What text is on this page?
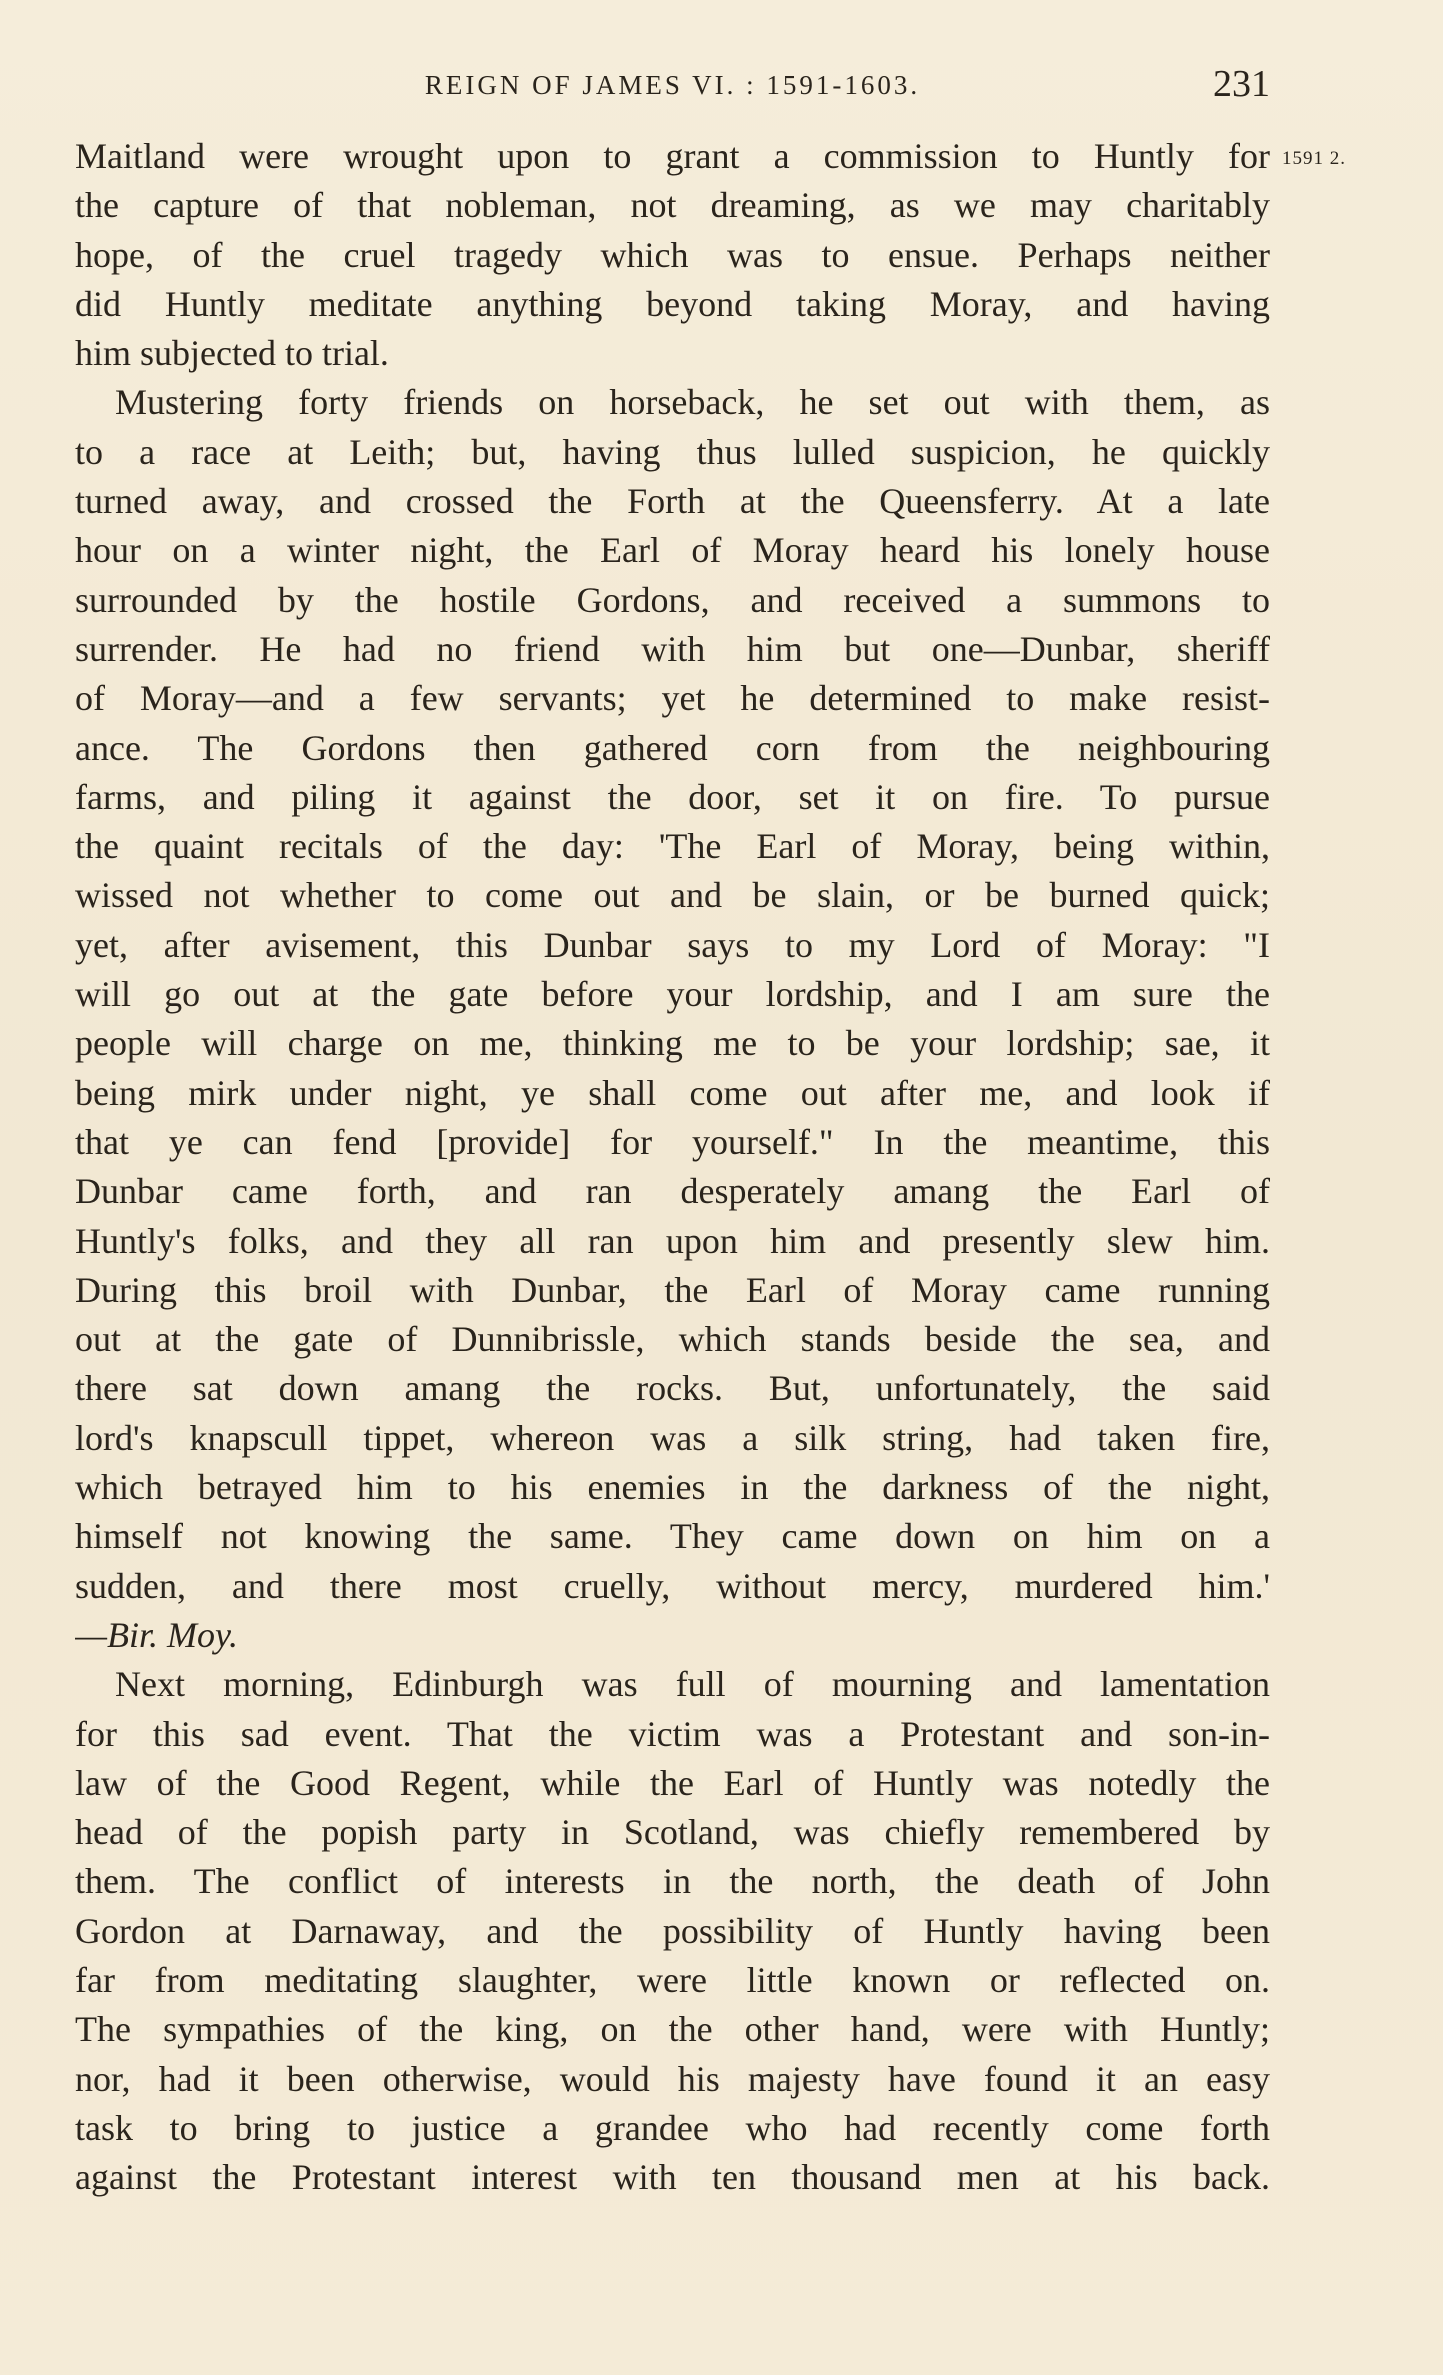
REIGN OF JAMES VI. : 1591-1603.	231
1591 2.
Maitland were wrought upon to grant a commission to Huntly for
the capture of that nobleman, not dreaming, as we may charitably
hope, of the cruel tragedy which was to ensue. Perhaps neither
did Huntly meditate anything beyond taking Moray, and having
him subjected to trial.
Mustering forty friends on horseback, he set out with them, as
to a race at Leith; but, having thus lulled suspicion, he quickly
turned away, and crossed the Forth at the Queensferry. At a late
hour on a winter night, the Earl of Moray heard his lonely house
surrounded by the hostile Gordons, and received a summons to
surrender. He had no friend with him but one—Dunbar, sheriff
of Moray—and a few servants; yet he determined to make resist-
ance. The Gordons then gathered corn from the neighbouring
farms, and piling it against the door, set it on fire. To pursue
the quaint recitals of the day: 'The Earl of Moray, being within,
wissed not whether to come out and be slain, or be burned quick;
yet, after avisement, this Dunbar says to my Lord of Moray: "I
will go out at the gate before your lordship, and I am sure the
people will charge on me, thinking me to be your lordship; sae, it
being mirk under night, ye shall come out after me, and look if
that ye can fend [provide] for yourself." In the meantime, this
Dunbar came forth, and ran desperately amang the Earl of
Huntly's folks, and they all ran upon him and presently slew him.
During this broil with Dunbar, the Earl of Moray came running
out at the gate of Dunnibrissle, which stands beside the sea, and
there sat down amang the rocks. But, unfortunately, the said
lord's knapscull tippet, whereon was a silk string, had taken fire,
which betrayed him to his enemies in the darkness of the night,
himself not knowing the same. They came down on him on a
sudden, and there most cruelly, without mercy, murdered him.'
—Bir. Moy.
Next morning, Edinburgh was full of mourning and lamentation
for this sad event. That the victim was a Protestant and son-in-
law of the Good Regent, while the Earl of Huntly was notedly the
head of the popish party in Scotland, was chiefly remembered by
them. The conflict of interests in the north, the death of John
Gordon at Darnaway, and the possibility of Huntly having been
far from meditating slaughter, were little known or reflected on.
The sympathies of the king, on the other hand, were with Huntly;
nor, had it been otherwise, would his majesty have found it an easy
task to bring to justice a grandee who had recently come forth
against the Protestant interest with ten thousand men at his back.
